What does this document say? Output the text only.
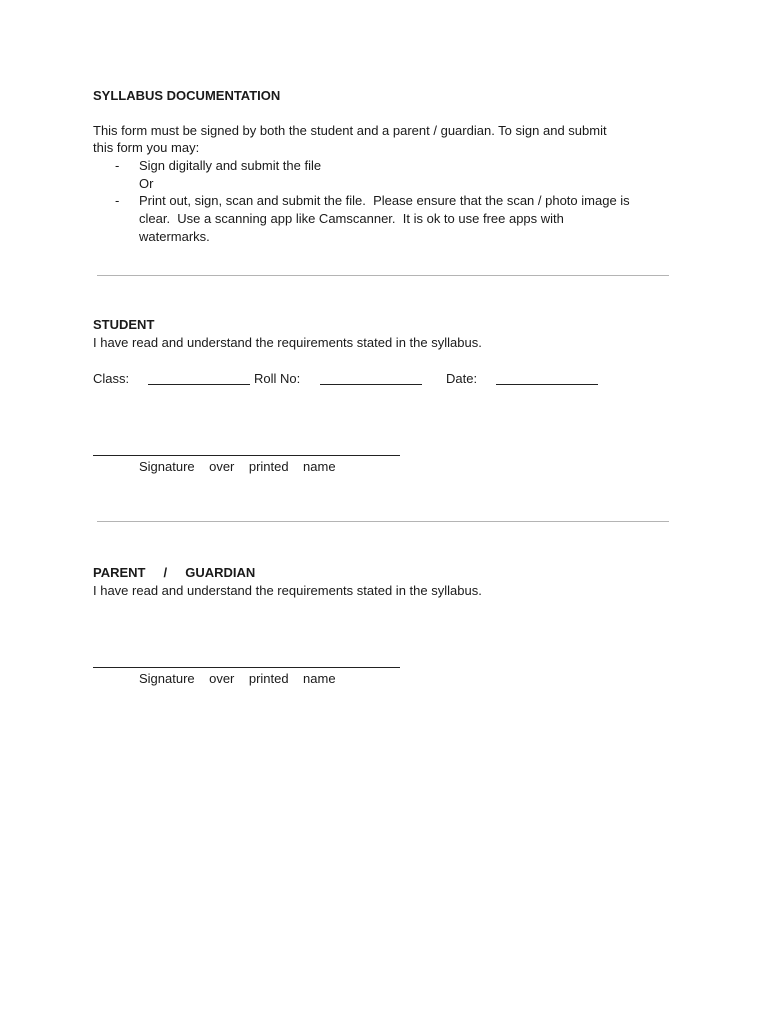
SYLLABUS DOCUMENTATION
This form must be signed by both the student and a parent / guardian. To sign and submit
this form you may:
- Sign digitally and submit the file
Or
- Print out, sign, scan and submit the file.  Please ensure that the scan / photo image is
clear.  Use a scanning app like Camscanner.  It is ok to use free apps with
watermarks.
STUDENT
I have read and understand the requirements stated in the syllabus.
Class:	Roll No:	Date:
Signature    over    printed    name
PARENT     /     GUARDIAN
I have read and understand the requirements stated in the syllabus.
Signature    over    printed    name
